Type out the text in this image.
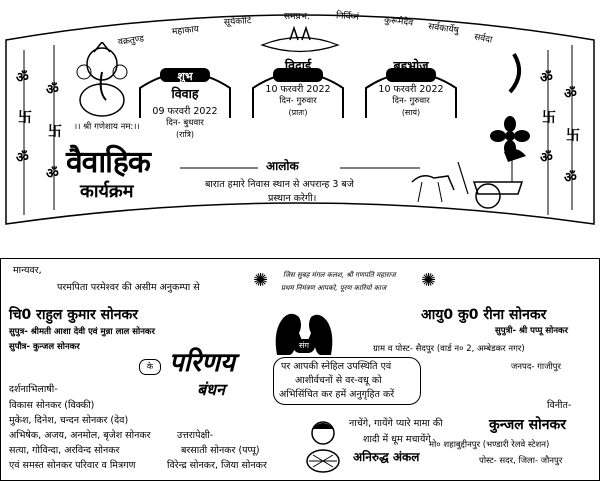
वक्रतुण्ड
महाकाय
सूर्यकोटि	समप्रभ:	निर्विघ्नं	कुरूमेदेव सर्वकार्येषु
सर्वदा
ॐ
卐
ॐ
ॐ
卐
ॐ
ॐ
卐
ॐ
ॐ
卐
ॐ
।। श्री गणेशाय नम:।।
वैवाहिक
कार्यक्रम
शुभ
विवाह
09 फरवरी 2022
दिन- बुधवार
(रात्रि)
विदाई
10 फरवरी 2022
दिन- गुरुवार
(प्रातः)
बहूभोज
10 फरवरी 2022
दिन- गुरुवार
(सायं)
आलोक
बारात हमारे निवास स्थान से अपरान्ह 3 बजे
प्रस्थान करेगी।
मान्यवर,
परमपिता परमेश्वर की असीम अनुकम्पा से	✺ जिस सुबह मंगल कलश, श्री गणपति महाराज
प्रथम निमंत्रण आपको, पूरण कारियो काज ✺
चि0 राहुल कुमार सोनकर
सुपुत्र- श्रीमती आशा देवी एवं मुन्ना लाल सोनकर
सुपौत्र- कुन्जल सोनकर	संग
आयु0 कु0 रीना सोनकर
सुपुत्री- श्री पप्पू सोनकर
ग्राम व पोस्ट- सैदपुर (वार्ड न० 2, अम्बेडकर नगर)
जनपद- गाजीपुर
के परिणय
बंधन
पर आपकी स्नेहिल उपस्थिति एवं
आशीर्वचनों से वर-वधू को
अभिसिंचित कर हमें अनुगृहित करें
दर्शनाभिलाषी-
विकास सोनकर (विक्की)
मुकेश, दिनेश, चन्दन सोनकर (देव)
अभिषेक, अजय, अनमोल, बृजेश सोनकर
सत्या, गोविन्दा, अरविन्द सोनकर
एवं समस्त सोनकर परिवार व मित्रगण
उत्तरापेक्षी-
बरसाती सोनकर (पप्पू)
विरेन्द्र सोनकर, जिया सोनकर
नाचेंगे, गायेंगे प्यारे मामा की
शादी में धूम मचायेंगे
अनिरुद्ध अंकल
विनीत-
कुन्जल सोनकर
मो० शहाबुद्दीनपुर (भण्डारी रेलवे स्टेशन)
पोस्ट- सदर, जिला- जौनपुर
